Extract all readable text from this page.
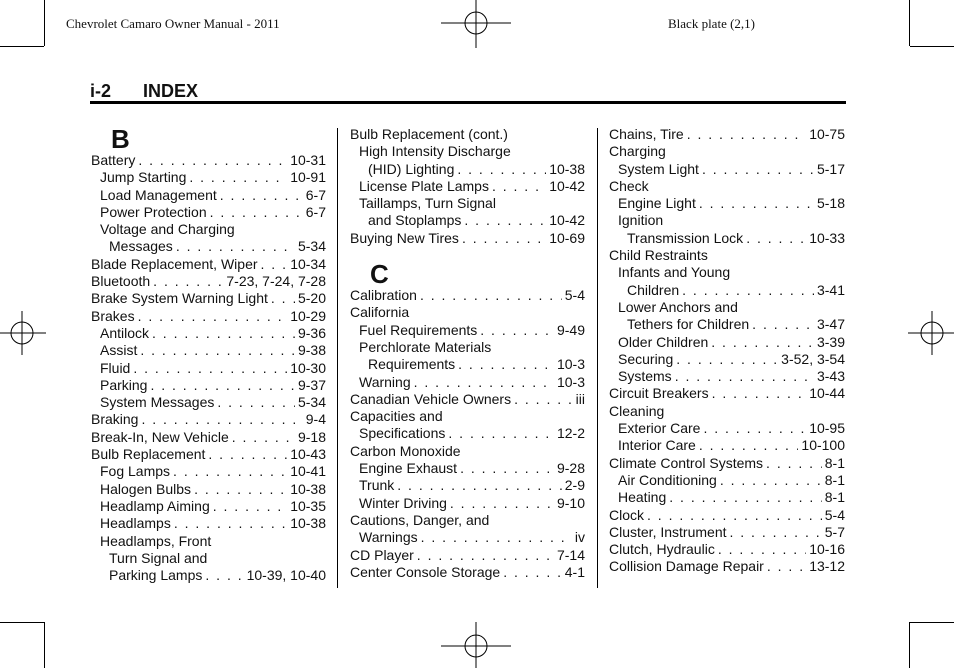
Chevrolet Camaro Owner Manual - 2011	Black plate (2,1)
i-2 INDEX
B
Battery . . .	10-31
Jump Starting . . .	10-91
Load Management . . .	6-7
Power Protection . . .	6-7
Voltage and Charging
Messages . . .	5-34
Blade Replacement, Wiper . . . 10-34
Bluetooth . . .	7-23, 7-24, 7-28
Brake System Warning Light . . . 5-20
Brakes . . .	10-29
Antilock . . .	9-36
Assist . . .	9-38
Fluid . . .	10-30
Parking . . .	9-37
System Messages . . .	5-34
Braking . . .	9-4
Break-In, New Vehicle . . .	9-18
Bulb Replacement . . .	10-43
Fog Lamps . . .	10-41
Halogen Bulbs . . .	10-38
Headlamp Aiming . . .	10-35
Headlamps . . .	10-38
Headlamps, Front
Turn Signal and
Parking Lamps . . .	10-39, 10-40
Bulb Replacement (cont.)
High Intensity Discharge
(HID) Lighting . . .	10-38
License Plate Lamps . . .	10-42
Taillamps, Turn Signal
and Stoplamps . . .	10-42
Buying New Tires . . .	10-69
C
Calibration . . .	5-4
California
Fuel Requirements . . .	9-49
Perchlorate Materials
Requirements . . .	10-3
Warning . . .	10-3
Canadian Vehicle Owners . . .	iii
Capacities and
Specifications . . .	12-2
Carbon Monoxide
Engine Exhaust . . .	9-28
Trunk . . .	2-9
Winter Driving . . .	9-10
Cautions, Danger, and
Warnings . . .	iv
CD Player . . .	7-14
Center Console Storage . . .	4-1
Chains, Tire . . .	10-75
Charging
System Light . . .	5-17
Check
Engine Light . . .	5-18
Ignition
Transmission Lock . . .	10-33
Child Restraints
Infants and Young
Children . . .	3-41
Lower Anchors and
Tethers for Children . . .	3-47
Older Children . . .	3-39
Securing . . .	3-52, 3-54
Systems . . .	3-43
Circuit Breakers . . .	10-44
Cleaning
Exterior Care . . .	10-95
Interior Care . . .	10-100
Climate Control Systems . . .	8-1
Air Conditioning . . .	8-1
Heating . . .	8-1
Clock . . .	5-4
Cluster, Instrument . . .	5-7
Clutch, Hydraulic . . .	10-16
Collision Damage Repair . . .	13-12
